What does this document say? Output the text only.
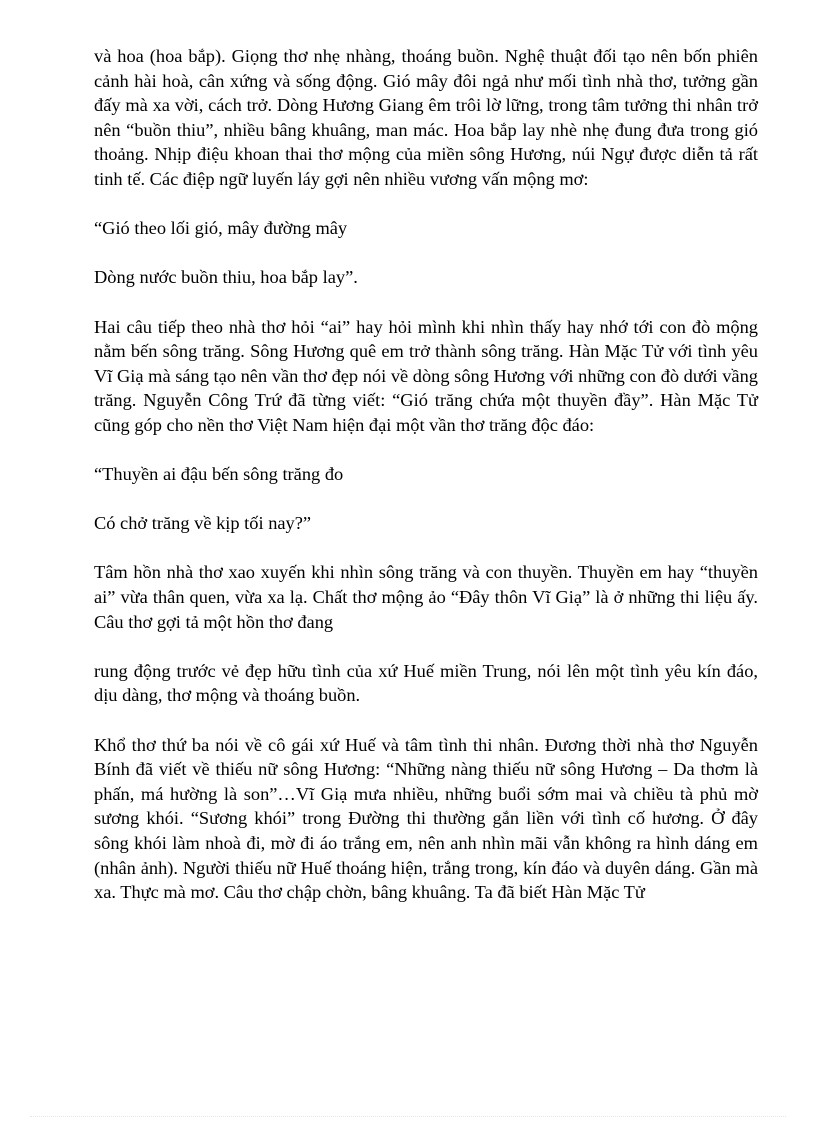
và hoa (hoa bắp). Giọng thơ nhẹ nhàng, thoáng buồn. Nghệ thuật đối tạo nên bốn phiên cảnh hài hoà, cân xứng và sống động. Gió mây đôi ngả như mối tình nhà thơ, tưởng gần đấy mà xa vời, cách trở. Dòng Hương Giang êm trôi lờ lững, trong tâm tưởng thi nhân trở nên “buồn thiu”, nhiều bâng khuâng, man mác. Hoa bắp lay nhè nhẹ đung đưa trong gió thoảng. Nhịp điệu khoan thai thơ mộng của miền sông Hương, núi Ngự được diễn tả rất tinh tế. Các điệp ngữ luyến láy gợi nên nhiều vương vấn mộng mơ:

“Gió theo lối gió, mây đường mây

Dòng nước buồn thiu, hoa bắp lay”.

Hai câu tiếp theo nhà thơ hỏi “ai” hay hỏi mình khi nhìn thấy hay nhớ tới con đò mộng nằm bến sông trăng. Sông Hương quê em trở thành sông trăng. Hàn Mặc Tử với tình yêu Vĩ Giạ mà sáng tạo nên vần thơ đẹp nói về dòng sông Hương với những con đò dưới vầng trăng. Nguyễn Công Trứ đã từng viết: “Gió trăng chứa một thuyền đầy”. Hàn Mặc Tử cũng góp cho nền thơ Việt Nam hiện đại một vần thơ trăng độc đáo:

“Thuyền ai đậu bến sông trăng đo

Có chở trăng về kịp tối nay?”

Tâm hồn nhà thơ xao xuyến khi nhìn sông trăng và con thuyền. Thuyền em hay “thuyền ai” vừa thân quen, vừa xa lạ. Chất thơ mộng ảo “Đây thôn Vĩ Giạ” là ở những thi liệu ấy. Câu thơ gợi tả một hồn thơ đang

rung động trước vẻ đẹp hữu tình của xứ Huế miền Trung, nói lên một tình yêu kín đáo, dịu dàng, thơ mộng và thoáng buồn.

Khổ thơ thứ ba nói về cô gái xứ Huế và tâm tình thi nhân. Đương thời nhà thơ Nguyễn Bính đã viết về thiếu nữ sông Hương: “Những nàng thiếu nữ sông Hương – Da thơm là phấn, má hường là son”…Vĩ Giạ mưa nhiều, những buổi sớm mai và chiều tà phủ mờ sương khói. “Sương khói” trong Đường thi thường gắn liền với tình cố hương. Ở đây sông khói làm nhoà đi, mờ đi áo trắng em, nên anh nhìn mãi vẫn không ra hình dáng em (nhân ảnh). Người thiếu nữ Huế thoáng hiện, trắng trong, kín đáo và duyên dáng. Gần mà xa. Thực mà mơ. Câu thơ chập chờn, bâng khuâng. Ta đã biết Hàn Mặc Tử
